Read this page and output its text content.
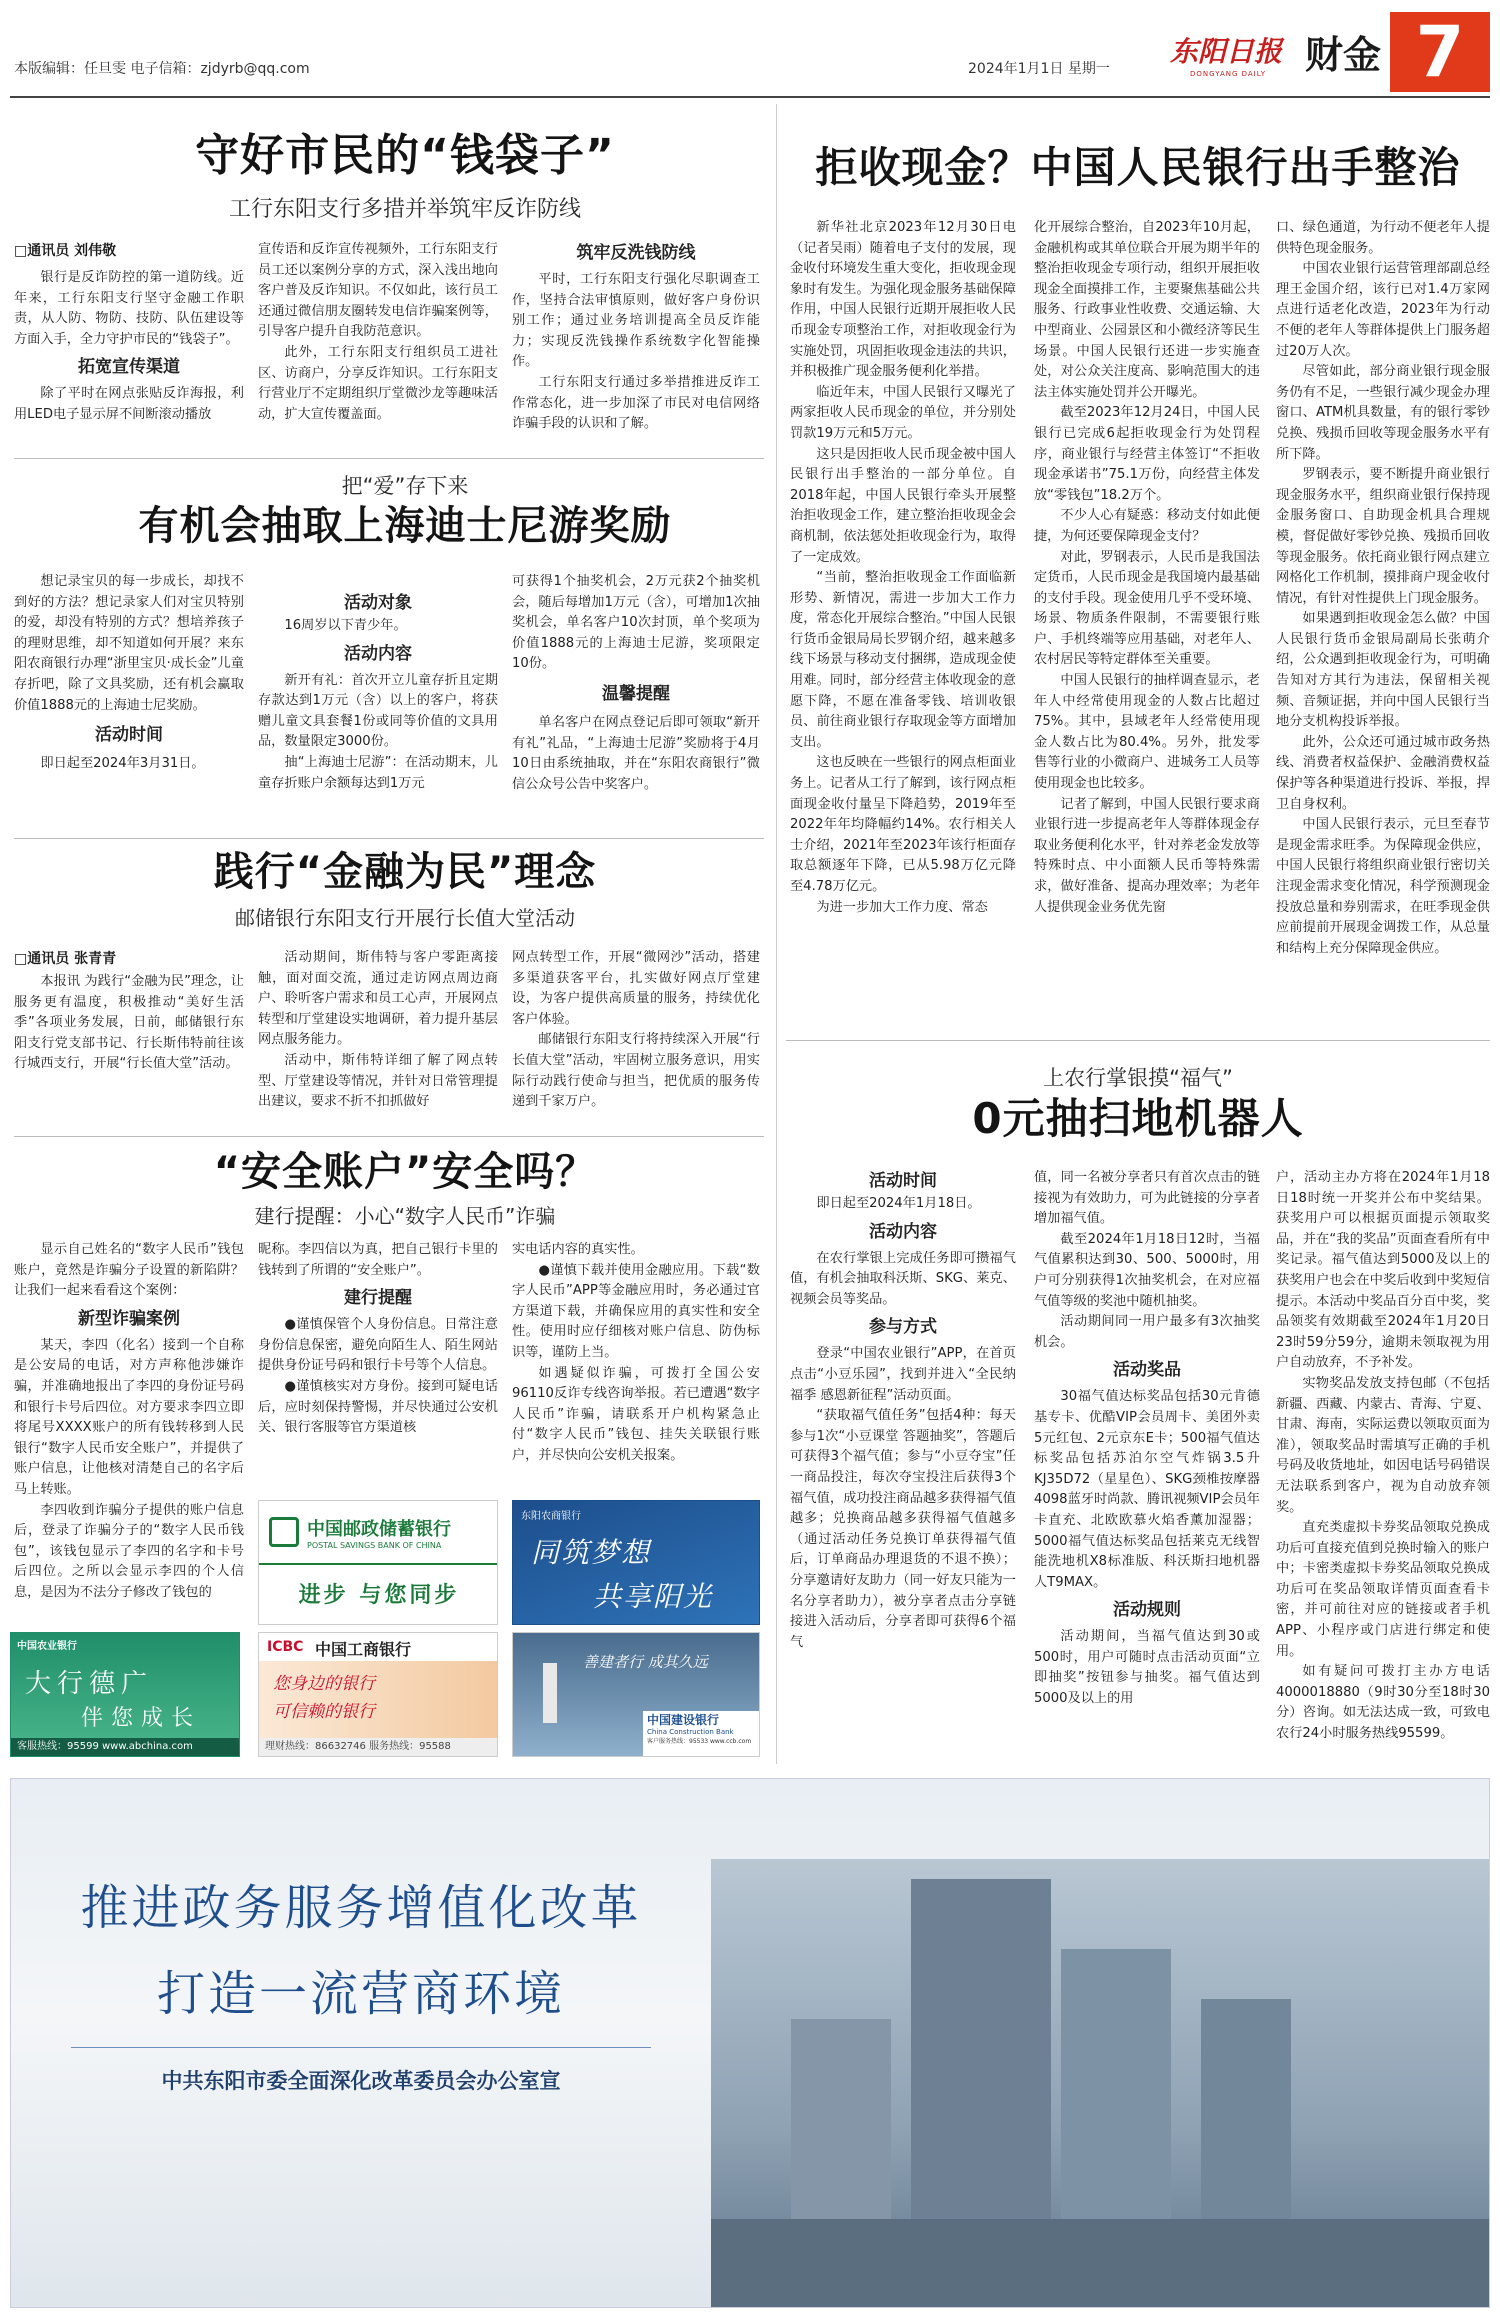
本版编辑：任旦雯 电子信箱：zjdyrb@qq.com	2024年1月1日 星期一
东阳日报
DONGYANG DAILY	财金 7
守好市民的“钱袋子”
工行东阳支行多措并举筑牢反诈防线
□通讯员 刘伟敬

银行是反诈防控的第一道防线。近年来，工行东阳支行坚守金融工作职责，从人防、物防、技防、队伍建设等方面入手，全力守护市民的“钱袋子”。

拓宽宣传渠道

除了平时在网点张贴反诈海报，利用LED电子显示屏不间断滚动播放

宣传语和反诈宣传视频外，工行东阳支行员工还以案例分享的方式，深入浅出地向客户普及反诈知识。不仅如此，该行员工还通过微信朋友圈转发电信诈骗案例等，引导客户提升自我防范意识。

此外，工行东阳支行组织员工进社区、访商户，分享反诈知识。工行东阳支行营业厅不定期组织厅堂微沙龙等趣味活动，扩大宣传覆盖面。

筑牢反洗钱防线

平时，工行东阳支行强化尽职调查工作，坚持合法审慎原则，做好客户身份识别工作；通过业务培训提高全员反诈能力；实现反洗钱操作系统数字化智能操作。

工行东阳支行通过多举措推进反诈工作常态化，进一步加深了市民对电信网络诈骗手段的认识和了解。

把“爱”存下来
有机会抽取上海迪士尼游奖励

想记录宝贝的每一步成长，却找不到好的方法？想记录家人们对宝贝特别的爱，却没有特别的方式？想培养孩子的理财思维，却不知道如何开展？来东阳农商银行办理“浙里宝贝·成长金”儿童存折吧，除了文具奖励，还有机会赢取价值1888元的上海迪士尼奖励。

活动时间

即日起至2024年3月31日。

活动对象

16周岁以下青少年。

活动内容

新开有礼：首次开立儿童存折且定期存款达到1万元（含）以上的客户，将获赠儿童文具套餐1份或同等价值的文具用品，数量限定3000份。

抽“上海迪士尼游”：在活动期末，儿童存折账户余额每达到1万元

可获得1个抽奖机会，2万元获2个抽奖机会，随后每增加1万元（含），可增加1次抽奖机会，单名客户10次封顶，单个奖项为价值1888元的上海迪士尼游，奖项限定10份。

温馨提醒

单名客户在网点登记后即可领取“新开有礼”礼品，“上海迪士尼游”奖励将于4月10日由系统抽取，并在“东阳农商银行”微信公众号公告中奖客户。

践行“金融为民”理念
邮储银行东阳支行开展行长值大堂活动
□通讯员 张青青

本报讯 为践行“金融为民”理念，让服务更有温度，积极推动“美好生活季”各项业务发展，日前，邮储银行东阳支行党支部书记、行长斯伟特前往该行城西支行，开展“行长值大堂”活动。

活动期间，斯伟特与客户零距离接触，面对面交流，通过走访网点周边商户、聆听客户需求和员工心声，开展网点转型和厅堂建设实地调研，着力提升基层网点服务能力。

活动中，斯伟特详细了解了网点转型、厅堂建设等情况，并针对日常管理提出建议，要求不折不扣抓做好

网点转型工作，开展“微网沙”活动，搭建多渠道获客平台，扎实做好网点厅堂建设，为客户提供高质量的服务，持续优化客户体验。

邮储银行东阳支行将持续深入开展“行长值大堂”活动，牢固树立服务意识，用实际行动践行使命与担当，把优质的服务传递到千家万户。

“安全账户”安全吗？
建行提醒：小心“数字人民币”诈骗

显示自己姓名的“数字人民币”钱包账户，竟然是诈骗分子设置的新陷阱？让我们一起来看看这个案例：

新型诈骗案例

某天，李四（化名）接到一个自称是公安局的电话，对方声称他涉嫌诈骗，并准确地报出了李四的身份证号码和银行卡号后四位。对方要求李四立即将尾号XXXX账户的所有钱转移到人民银行“数字人民币安全账户”，并提供了账户信息，让他核对清楚自己的名字后马上转账。

李四收到诈骗分子提供的账户信息后，登录了诈骗分子的“数字人民币钱包”，该钱包显示了李四的名字和卡号后四位。之所以会显示李四的个人信息，是因为不法分子修改了钱包的

昵称。李四信以为真，把自己银行卡里的钱转到了所谓的“安全账户”。

建行提醒

●谨慎保管个人身份信息。日常注意身份信息保密，避免向陌生人、陌生网站提供身份证号码和银行卡号等个人信息。

●谨慎核实对方身份。接到可疑电话后，应时刻保持警惕，并尽快通过公安机关、银行客服等官方渠道核

实电话内容的真实性。

●谨慎下载并使用金融应用。下载“数字人民币”APP等金融应用时，务必通过官方渠道下载，并确保应用的真实性和安全性。使用时应仔细核对账户信息、防伪标识等，谨防上当。

如遇疑似诈骗，可拨打全国公安96110反诈专线咨询举报。若已遭遇“数字人民币”诈骗，请联系开户机构紧急止付“数字人民币”钱包、挂失关联银行账户，并尽快向公安机关报案。

中国农业银行
大行德广
伴您成长
客服热线：95599 www.abchina.com
中国邮政储蓄银行
POSTAL SAVINGS BANK OF CHINA
进步 与您同步
东阳农商银行
同筑梦想
共享阳光
ICBC 中国工商银行
您身边的银行
可信赖的银行
理财热线：86632746 服务热线：95588
善建者行 成其久远
中国建设银行
China Construction Bank
客户服务热线：95533 www.ccb.com
拒收现金？中国人民银行出手整治

新华社北京2023年12月30日电（记者吴雨）随着电子支付的发展，现金收付环境发生重大变化，拒收现金现象时有发生。为强化现金服务基础保障作用，中国人民银行近期开展拒收人民币现金专项整治工作，对拒收现金行为实施处罚，巩固拒收现金违法的共识，并积极推广现金服务便利化举措。

临近年末，中国人民银行又曝光了两家拒收人民币现金的单位，并分别处罚款19万元和5万元。

这只是因拒收人民币现金被中国人民银行出手整治的一部分单位。自2018年起，中国人民银行牵头开展整治拒收现金工作，建立整治拒收现金会商机制，依法惩处拒收现金行为，取得了一定成效。

“当前，整治拒收现金工作面临新形势、新情况，需进一步加大工作力度，常态化开展综合整治。”中国人民银行货币金银局局长罗钢介绍，越来越多线下场景与移动支付捆绑，造成现金使用难。同时，部分经营主体收现金的意愿下降，不愿在准备零钱、培训收银员、前往商业银行存取现金等方面增加支出。

这也反映在一些银行的网点柜面业务上。记者从工行了解到，该行网点柜面现金收付量呈下降趋势，2019年至2022年年均降幅约14%。农行相关人士介绍，2021年至2023年该行柜面存取总额逐年下降，已从5.98万亿元降至4.78万亿元。

为进一步加大工作力度、常态

化开展综合整治，自2023年10月起，金融机构或其单位联合开展为期半年的整治拒收现金专项行动，组织开展拒收现金全面摸排工作，主要聚焦基础公共服务、行政事业性收费、交通运输、大中型商业、公园景区和小微经济等民生场景。中国人民银行还进一步实施查处，对公众关注度高、影响范围大的违法主体实施处罚并公开曝光。

截至2023年12月24日，中国人民银行已完成6起拒收现金行为处罚程序，商业银行与经营主体签订“不拒收现金承诺书”75.1万份，向经营主体发放“零钱包”18.2万个。

不少人心有疑惑：移动支付如此便捷，为何还要保障现金支付？

对此，罗钢表示，人民币是我国法定货币，人民币现金是我国境内最基础的支付手段。现金使用几乎不受环境、场景、物质条件限制，不需要银行账户、手机终端等应用基础，对老年人、农村居民等特定群体至关重要。

中国人民银行的抽样调查显示，老年人中经常使用现金的人数占比超过75%。其中，县域老年人经常使用现金人数占比为80.4%。另外，批发零售等行业的小微商户、进城务工人员等使用现金也比较多。

记者了解到，中国人民银行要求商业银行进一步提高老年人等群体现金存取业务便利化水平，针对养老金发放等特殊时点、中小面额人民币等特殊需求，做好准备、提高办理效率；为老年人提供现金业务优先窗

口、绿色通道，为行动不便老年人提供特色现金服务。

中国农业银行运营管理部副总经理王金国介绍，该行已对1.4万家网点进行适老化改造，2023年为行动不便的老年人等群体提供上门服务超过20万人次。

尽管如此，部分商业银行现金服务仍有不足，一些银行减少现金办理窗口、ATM机具数量，有的银行零钞兑换、残损币回收等现金服务水平有所下降。

罗钢表示，要不断提升商业银行现金服务水平，组织商业银行保持现金服务窗口、自助现金机具合理规模，督促做好零钞兑换、残损币回收等现金服务。依托商业银行网点建立网格化工作机制，摸排商户现金收付情况，有针对性提供上门现金服务。

如果遇到拒收现金怎么做？中国人民银行货币金银局副局长张萌介绍，公众遇到拒收现金行为，可明确告知对方其行为违法，保留相关视频、音频证据，并向中国人民银行当地分支机构投诉举报。

此外，公众还可通过城市政务热线、消费者权益保护、金融消费权益保护等各种渠道进行投诉、举报，捍卫自身权利。

中国人民银行表示，元旦至春节是现金需求旺季。为保障现金供应，中国人民银行将组织商业银行密切关注现金需求变化情况，科学预测现金投放总量和券别需求，在旺季现金供应前提前开展现金调拨工作，从总量和结构上充分保障现金供应。

上农行掌银摸“福气”
0元抽扫地机器人
活动时间

即日起至2024年1月18日。

活动内容

在农行掌银上完成任务即可攒福气值，有机会抽取科沃斯、SKG、莱克、视频会员等奖品。

参与方式

登录“中国农业银行”APP，在首页点击“小豆乐园”，找到并进入“全民纳福季 感恩新征程”活动页面。

“获取福气值任务”包括4种：每天参与1次“小豆课堂 答题抽奖”，答题后可获得3个福气值；参与“小豆夺宝”任一商品投注，每次夺宝投注后获得3个福气值，成功投注商品越多获得福气值越多；兑换商品越多获得福气值越多（通过活动任务兑换订单获得福气值后，订单商品办理退货的不退不换）；分享邀请好友助力（同一好友只能为一名分享者助力），被分享者点击分享链接进入活动后，分享者即可获得6个福气

值，同一名被分享者只有首次点击的链接视为有效助力，可为此链接的分享者增加福气值。

截至2024年1月18日12时，当福气值累积达到30、500、5000时，用户可分别获得1次抽奖机会，在对应福气值等级的奖池中随机抽奖。

活动期间同一用户最多有3次抽奖机会。

活动奖品

30福气值达标奖品包括30元肯德基专卡、优酷VIP会员周卡、美团外卖5元红包、2元京东E卡；500福气值达标奖品包括苏泊尔空气炸锅3.5升KJ35D72（星星色）、SKG颈椎按摩器4098蓝牙时尚款、腾讯视频VIP会员年卡直充、北欧欧慕火焰香薰加湿器；5000福气值达标奖品包括莱克无线智能洗地机X8标准版、科沃斯扫地机器人T9MAX。

活动规则

活动期间，当福气值达到30或500时，用户可随时点击活动页面“立即抽奖”按钮参与抽奖。福气值达到5000及以上的用

户，活动主办方将在2024年1月18日18时统一开奖并公布中奖结果。获奖用户可以根据页面提示领取奖品，并在“我的奖品”页面查看所有中奖记录。福气值达到5000及以上的获奖用户也会在中奖后收到中奖短信提示。本活动中奖品百分百中奖，奖品领奖有效期截至2024年1月20日23时59分59分，逾期未领取视为用户自动放弃，不予补发。

实物奖品发放支持包邮（不包括新疆、西藏、内蒙古、青海、宁夏、甘肃、海南，实际运费以领取页面为准），领取奖品时需填写正确的手机号码及收货地址，如因电话号码错误无法联系到客户，视为自动放弃领奖。

直充类虚拟卡券奖品领取兑换成功后可直接充值到兑换时输入的账户中；卡密类虚拟卡券奖品领取兑换成功后可在奖品领取详情页面查看卡密，并可前往对应的链接或者手机APP、小程序或门店进行绑定和使用。

如有疑问可拨打主办方电话4000018880（9时30分至18时30分）咨询。如无法达成一致，可致电农行24小时服务热线95599。

推进政务服务增值化改革
打造一流营商环境
中共东阳市委全面深化改革委员会办公室宣
